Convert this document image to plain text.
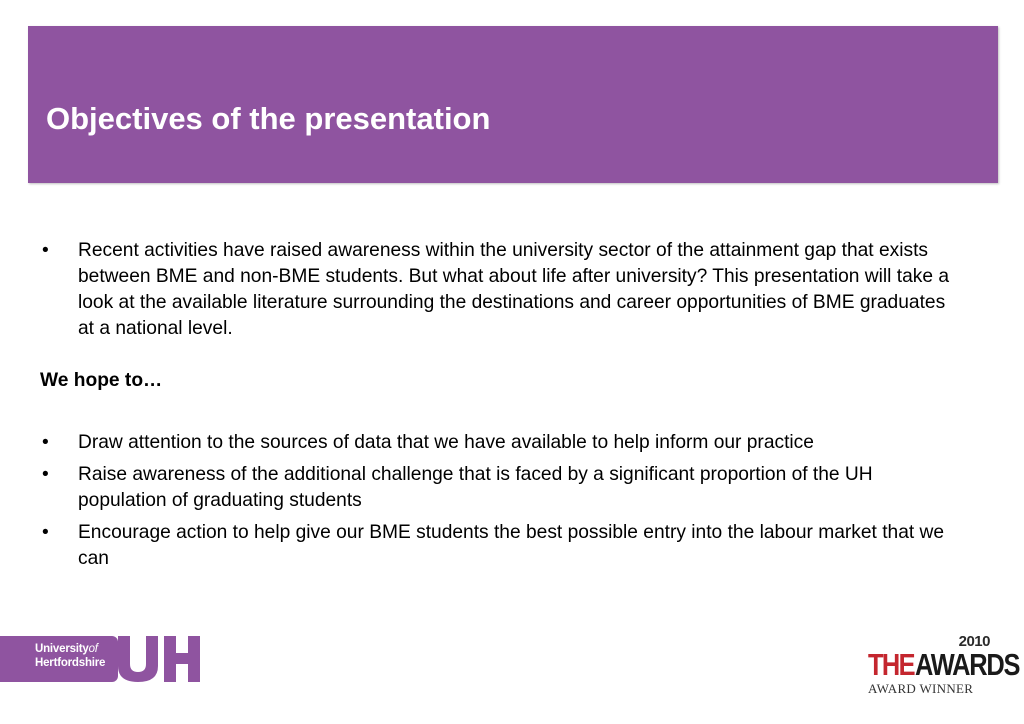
Objectives of the presentation
• Recent activities have raised awareness within the university sector of the attainment gap that exists between BME and non-BME students. But what about life after university? This presentation will take a look at the available literature surrounding the destinations and career opportunities of BME graduates at a national level.

We hope to…

• Draw attention to the sources of data that we have available to help inform our practice
• Raise awareness of the additional challenge that is faced by a significant proportion of the UH population of graduating students
• Encourage action to help give our BME students the best possible entry into the labour market that we can
Universityof
Hertfordshire
2010
THE AWARDS
AWARD WINNER
